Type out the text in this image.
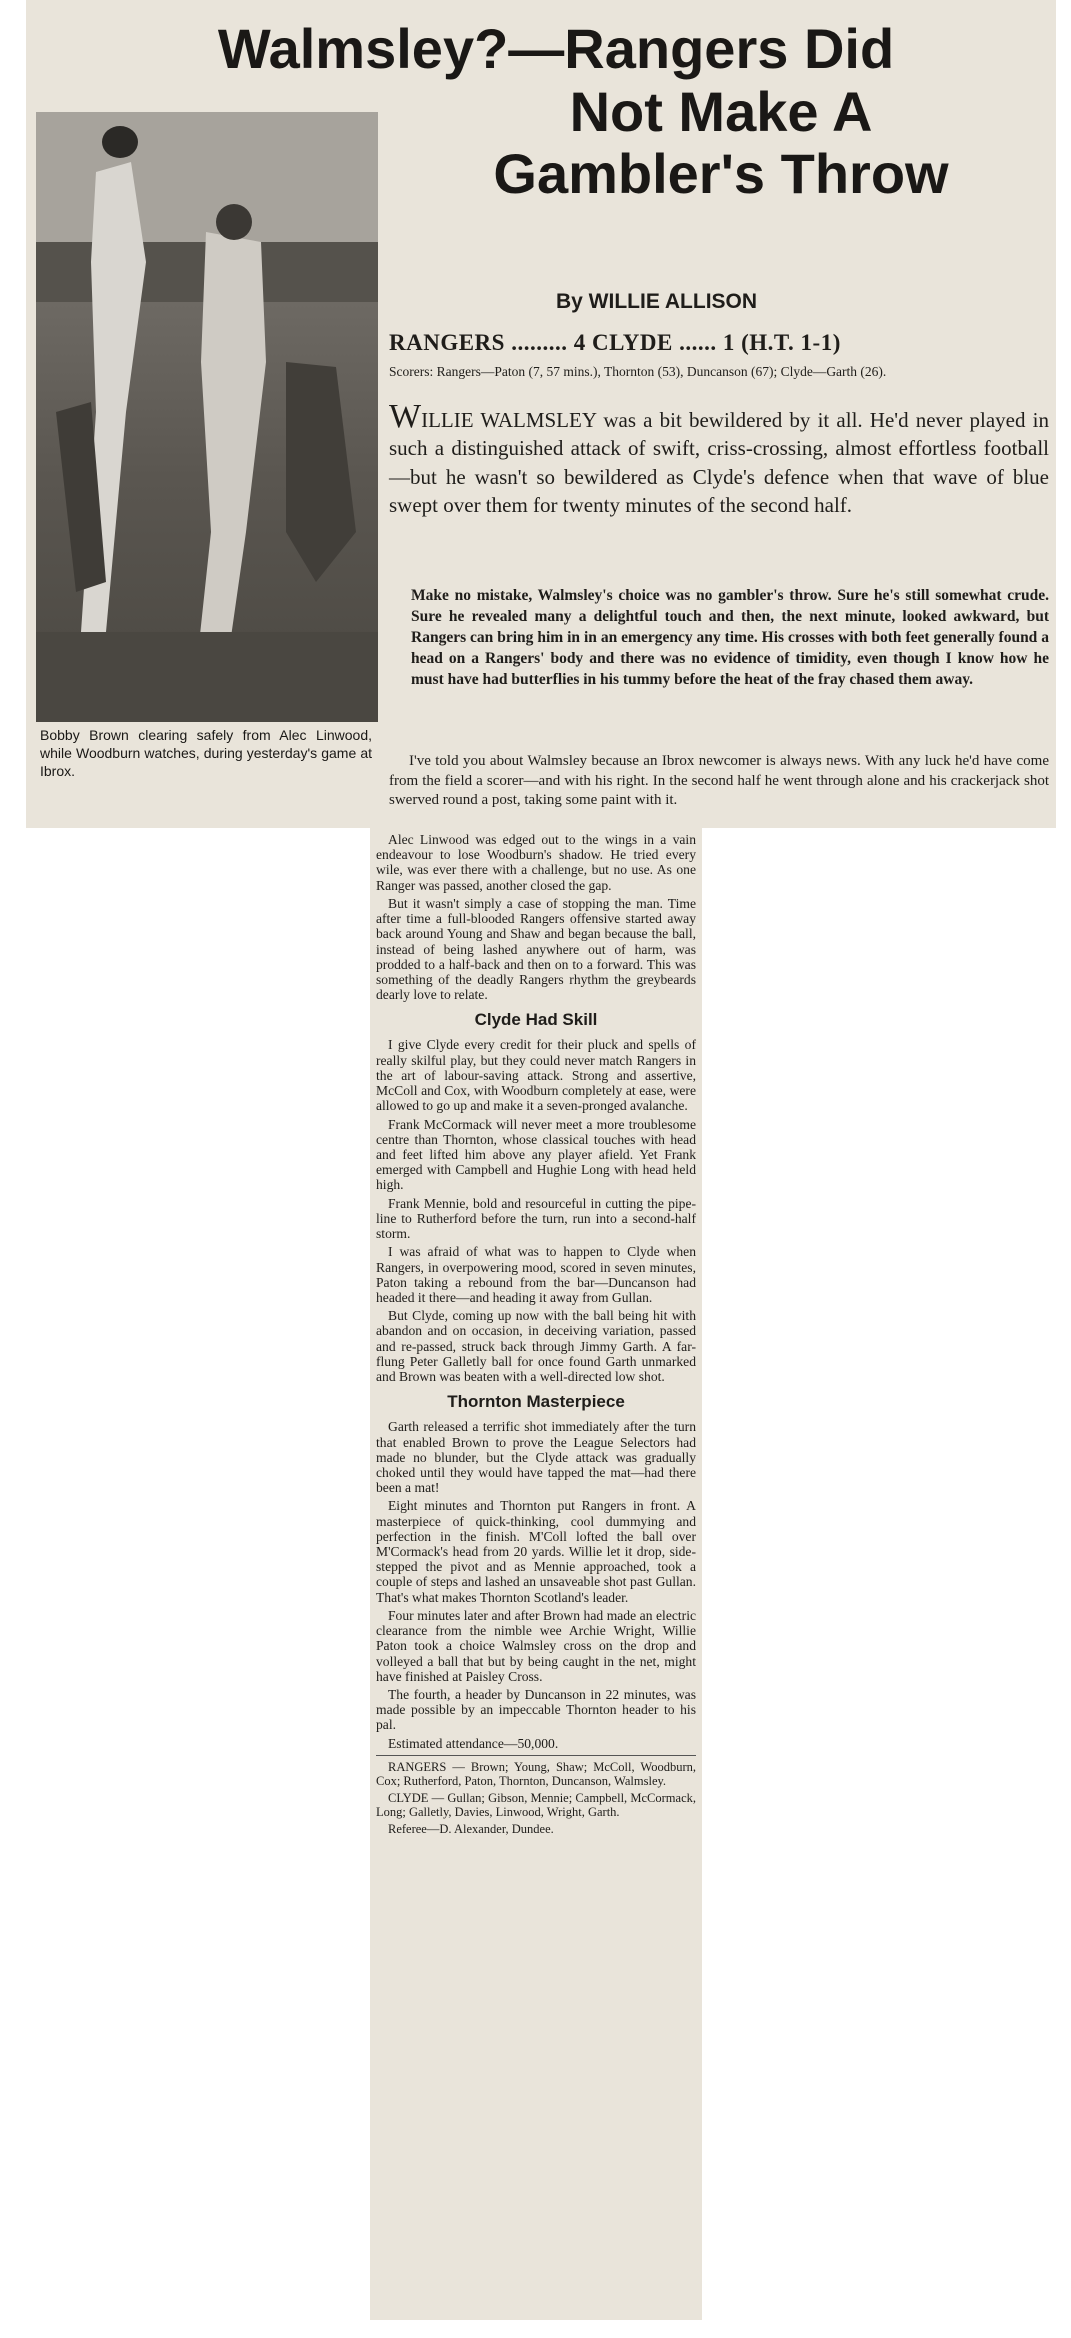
Walmsley?—Rangers Did
Not Make A
Gambler's Throw
Bobby Brown clearing safely from Alec Linwood, while Woodburn watches, during yesterday's game at Ibrox.
By WILLIE ALLISON
RANGERS ......... 4 CLYDE ...... 1 (H.T. 1-1)
Scorers: Rangers—Paton (7, 57 mins.), Thornton (53), Duncanson (67); Clyde—Garth (26).
WILLIE WALMSLEY was a bit bewildered by it all. He'd never played in such a distinguished attack of swift, criss-crossing, almost effortless football—but he wasn't so bewildered as Clyde's defence when that wave of blue swept over them for twenty minutes of the second half.
Make no mistake, Walmsley's choice was no gambler's throw. Sure he's still somewhat crude. Sure he revealed many a delightful touch and then, the next minute, looked awkward, but Rangers can bring him in in an emergency any time. His crosses with both feet generally found a head on a Rangers' body and there was no evidence of timidity, even though I know how he must have had butterflies in his tummy before the heat of the fray chased them away.
I've told you about Walmsley because an Ibrox newcomer is always news. With any luck he'd have come from the field a scorer—and with his right. In the second half he went through alone and his crackerjack shot swerved round a post, taking some paint with it.

Alec Linwood was edged out to the wings in a vain endeavour to lose Woodburn's shadow. He tried every wile, was ever there with a challenge, but no use. As one Ranger was passed, another closed the gap.

But it wasn't simply a case of stopping the man. Time after time a full-blooded Rangers offensive started away back around Young and Shaw and began because the ball, instead of being lashed anywhere out of harm, was prodded to a half-back and then on to a forward. This was something of the deadly Rangers rhythm the greybeards dearly love to relate.

Clyde Had Skill

I give Clyde every credit for their pluck and spells of really skilful play, but they could never match Rangers in the art of labour-saving attack. Strong and assertive, McColl and Cox, with Woodburn completely at ease, were allowed to go up and make it a seven-pronged avalanche.

Frank McCormack will never meet a more troublesome centre than Thornton, whose classical touches with head and feet lifted him above any player afield. Yet Frank emerged with Campbell and Hughie Long with head held high.

Frank Mennie, bold and resourceful in cutting the pipe-line to Rutherford before the turn, run into a second-half storm.

I was afraid of what was to happen to Clyde when Rangers, in overpowering mood, scored in seven minutes, Paton taking a rebound from the bar—Duncanson had headed it there—and heading it away from Gullan.

But Clyde, coming up now with the ball being hit with abandon and on occasion, in deceiving variation, passed and re-passed, struck back through Jimmy Garth. A far-flung Peter Galletly ball for once found Garth unmarked and Brown was beaten with a well-directed low shot.

Thornton Masterpiece

Garth released a terrific shot immediately after the turn that enabled Brown to prove the League Selectors had made no blunder, but the Clyde attack was gradually choked until they would have tapped the mat—had there been a mat!

Eight minutes and Thornton put Rangers in front. A masterpiece of quick-thinking, cool dummying and perfection in the finish. M'Coll lofted the ball over M'Cormack's head from 20 yards. Willie let it drop, side-stepped the pivot and as Mennie approached, took a couple of steps and lashed an unsaveable shot past Gullan. That's what makes Thornton Scotland's leader.

Four minutes later and after Brown had made an electric clearance from the nimble wee Archie Wright, Willie Paton took a choice Walmsley cross on the drop and volleyed a ball that but by being caught in the net, might have finished at Paisley Cross.

The fourth, a header by Duncanson in 22 minutes, was made possible by an impeccable Thornton header to his pal.

Estimated attendance—50,000.

RANGERS — Brown; Young, Shaw; McColl, Woodburn, Cox; Rutherford, Paton, Thornton, Duncanson, Walmsley.

CLYDE — Gullan; Gibson, Mennie; Campbell, McCormack, Long; Galletly, Davies, Linwood, Wright, Garth.

Referee—D. Alexander, Dundee.
